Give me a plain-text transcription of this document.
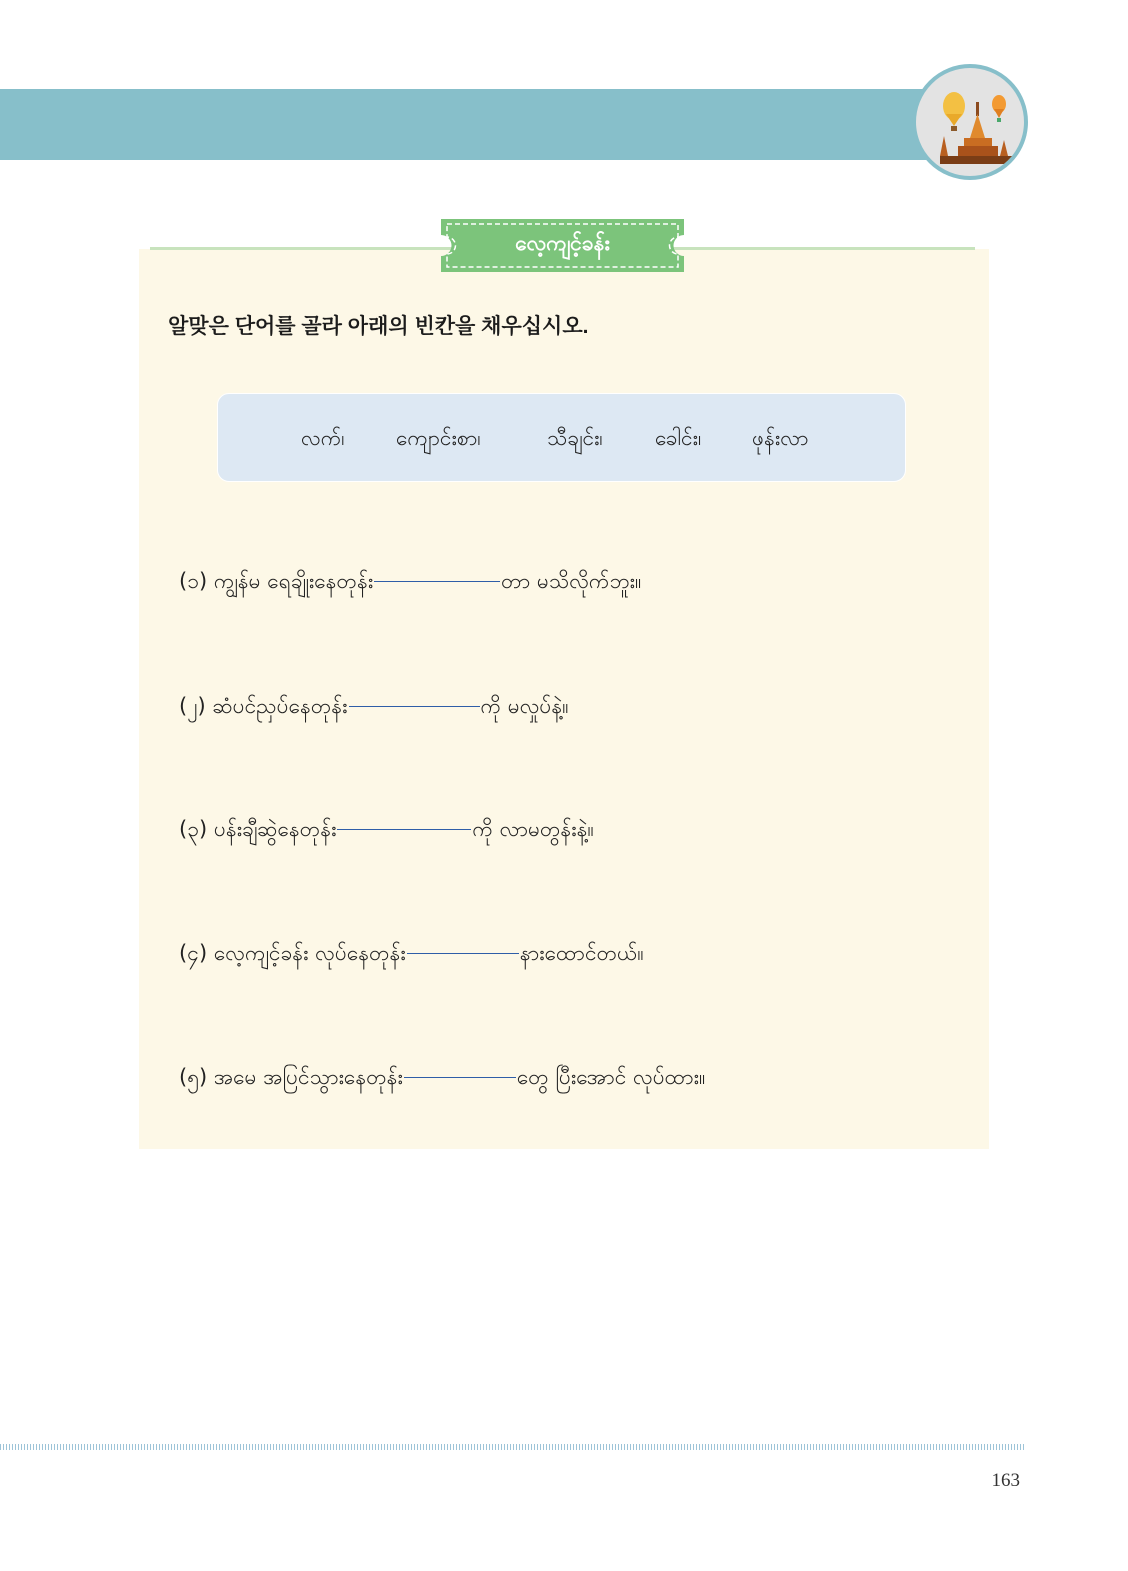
လေ့ကျင့်ခန်း
알맞은 단어를 골라 아래의 빈칸을 채우십시오.
လက်၊ ကျောင်းစာ၊	သီချင်း၊ ခေါင်း၊ ဖုန်းလာ
(၁) ကျွန်မ ရေချိုးနေတုန်း	တာ မသိလိုက်ဘူး။
(၂) ဆံပင်ညှပ်နေတုန်း	ကို မလှုပ်နဲ့။
(၃) ပန်းချီဆွဲနေတုန်း	ကို လာမတွန်းနဲ့။
(၄) လေ့ကျင့်ခန်း လုပ်နေတုန်း	နားထောင်တယ်။
(၅) အမေ အပြင်သွားနေတုန်း	တွေ ပြီးအောင် လုပ်ထား။
163
